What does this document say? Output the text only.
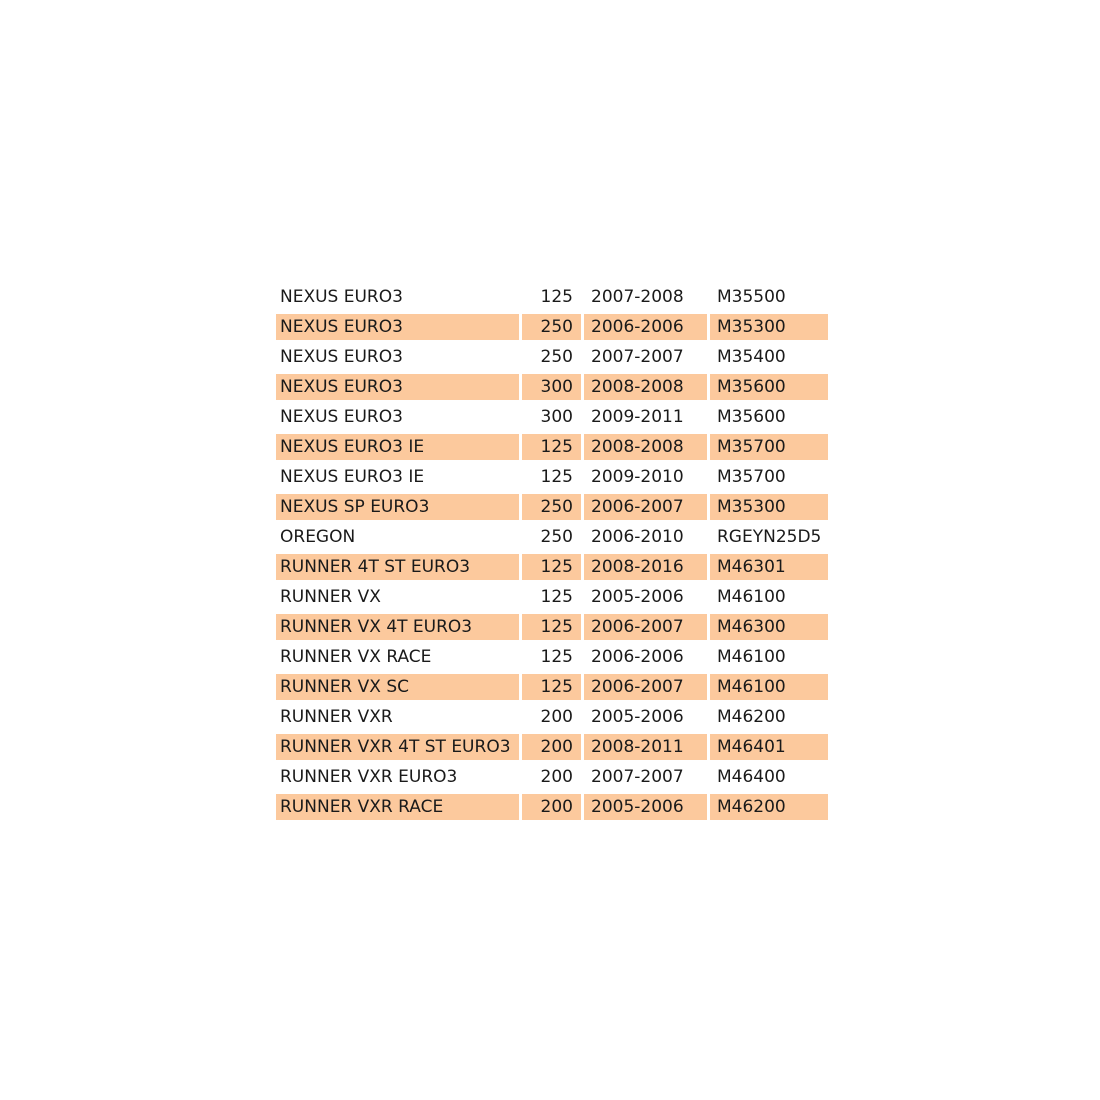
NEXUS EURO3	125	2007-2008	M35500
NEXUS EURO3	250	2006-2006	M35300
NEXUS EURO3	250	2007-2007	M35400
NEXUS EURO3	300	2008-2008	M35600
NEXUS EURO3	300	2009-2011	M35600
NEXUS EURO3 IE	125	2008-2008	M35700
NEXUS EURO3 IE	125	2009-2010	M35700
NEXUS SP EURO3	250	2006-2007	M35300
OREGON	250	2006-2010	RGEYN25D5
RUNNER 4T ST EURO3	125	2008-2016	M46301
RUNNER VX	125	2005-2006	M46100
RUNNER VX 4T EURO3	125	2006-2007	M46300
RUNNER VX RACE	125	2006-2006	M46100
RUNNER VX SC	125	2006-2007	M46100
RUNNER VXR	200	2005-2006	M46200
RUNNER VXR 4T ST EURO3	200	2008-2011	M46401
RUNNER VXR EURO3	200	2007-2007	M46400
RUNNER VXR RACE	200	2005-2006	M46200
